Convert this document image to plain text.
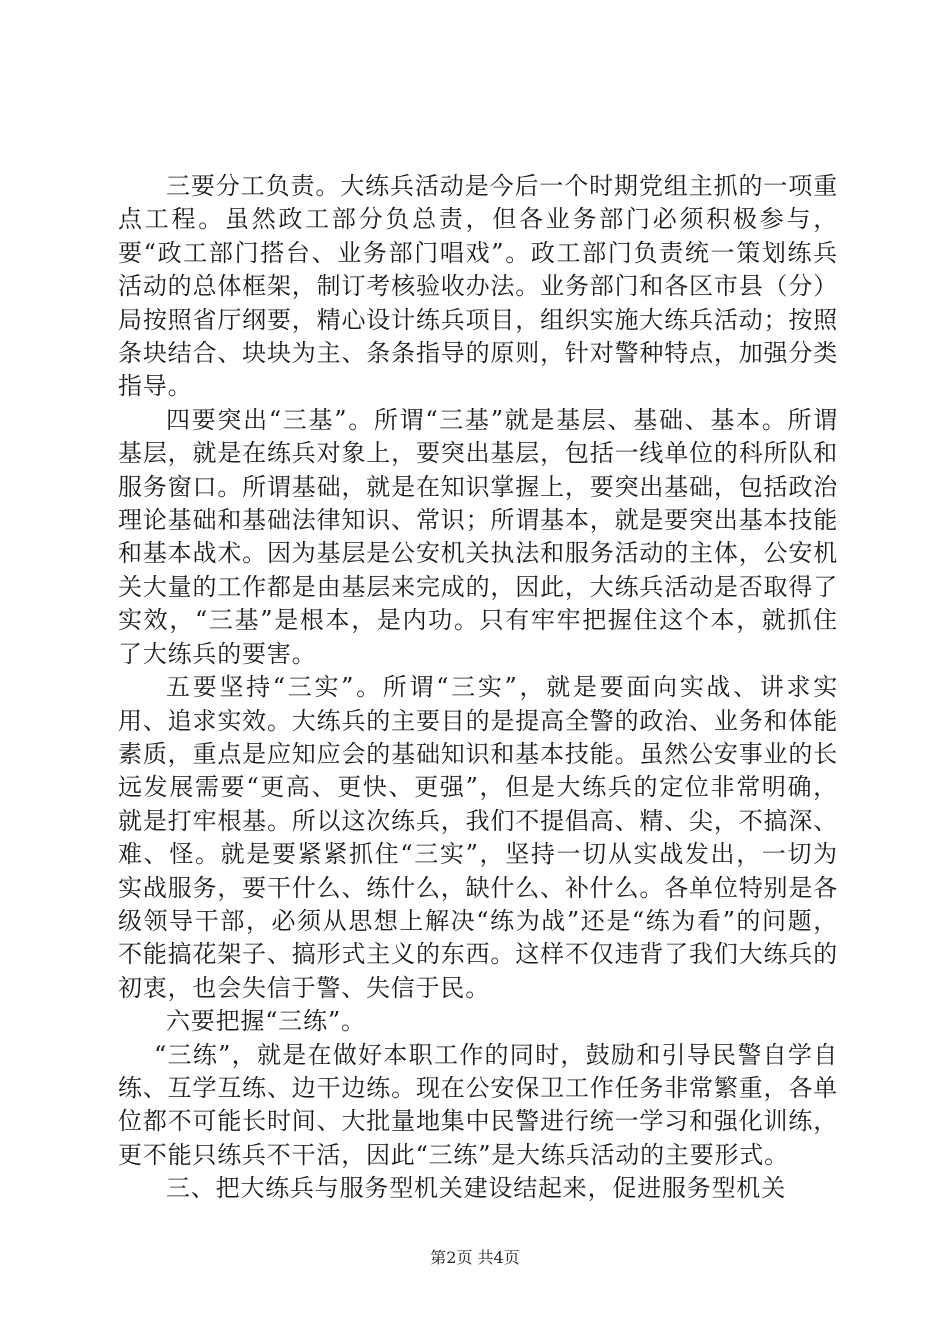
三要分工负责。大练兵活动是今后一个时期党组主抓的一项重点工程。虽然政工部分负总责，但各业务部门必须积极参与，要“政工部门搭台、业务部门唱戏”。政工部门负责统一策划练兵活动的总体框架，制订考核验收办法。业务部门和各区市县（分）局按照省厅纲要，精心设计练兵项目，组织实施大练兵活动；按照条块结合、块块为主、条条指导的原则，针对警种特点，加强分类指导。

四要突出“三基”。所谓“三基”就是基层、基础、基本。所谓基层，就是在练兵对象上，要突出基层，包括一线单位的科所队和服务窗口。所谓基础，就是在知识掌握上，要突出基础，包括政治理论基础和基础法律知识、常识；所谓基本，就是要突出基本技能和基本战术。因为基层是公安机关执法和服务活动的主体，公安机关大量的工作都是由基层来完成的，因此，大练兵活动是否取得了实效，“三基”是根本，是内功。只有牢牢把握住这个本，就抓住了大练兵的要害。

五要坚持“三实”。所谓“三实”，就是要面向实战、讲求实用、追求实效。大练兵的主要目的是提高全警的政治、业务和体能素质，重点是应知应会的基础知识和基本技能。虽然公安事业的长远发展需要“更高、更快、更强”，但是大练兵的定位非常明确，就是打牢根基。所以这次练兵，我们不提倡高、精、尖，不搞深、难、怪。就是要紧紧抓住“三实”，坚持一切从实战发出，一切为实战服务，要干什么、练什么，缺什么、补什么。各单位特别是各级领导干部，必须从思想上解决“练为战”还是“练为看”的问题，不能搞花架子、搞形式主义的东西。这样不仅违背了我们大练兵的初衷，也会失信于警、失信于民。

六要把握“三练”。

“三练”，就是在做好本职工作的同时，鼓励和引导民警自学自练、互学互练、边干边练。现在公安保卫工作任务非常繁重，各单位都不可能长时间、大批量地集中民警进行统一学习和强化训练，更不能只练兵不干活，因此“三练”是大练兵活动的主要形式。

三、把大练兵与服务型机关建设结起来，促进服务型机关

第2页 共4页
